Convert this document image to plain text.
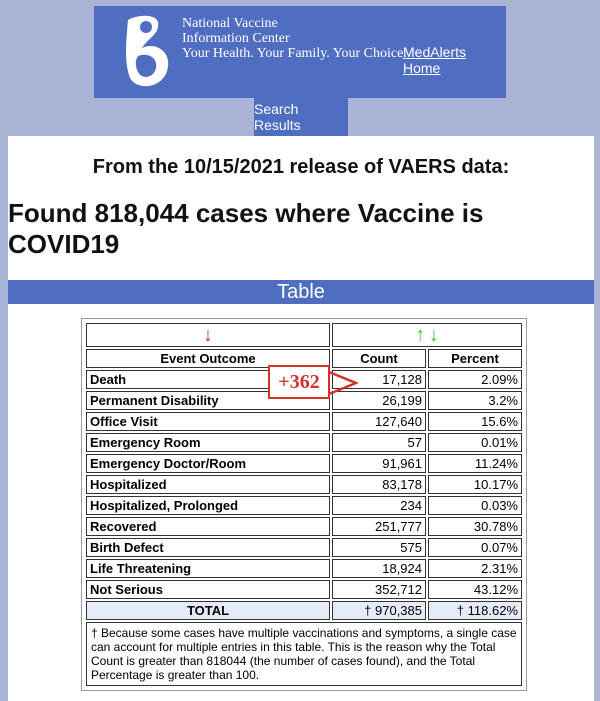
National Vaccine
Information Center
Your Health. Your Family. Your Choice.
MedAlerts Home
Search Results
From the 10/15/2021 release of VAERS data:
Found 818,044 cases where Vaccine is COVID19
Table
↓	↑ ↓	
Event Outcome	Count	Percent
Death	17,128	2.09%
Permanent Disability	26,199	3.2%
Office Visit	127,640	15.6%
Emergency Room	57	0.01%
Emergency Doctor/Room	91,961	11.24%
Hospitalized	83,178	10.17%
Hospitalized, Prolonged	234	0.03%
Recovered	251,777	30.78%
Birth Defect	575	0.07%
Life Threatening	18,924	2.31%
Not Serious	352,712	43.12%
TOTAL	† 970,385	† 118.62%
† Because some cases have multiple vaccinations and symptoms, a single case can account for multiple entries in this table. This is the reason why the Total Count is greater than 818044 (the number of cases found), and the Total Percentage is greater than 100.		
+362
